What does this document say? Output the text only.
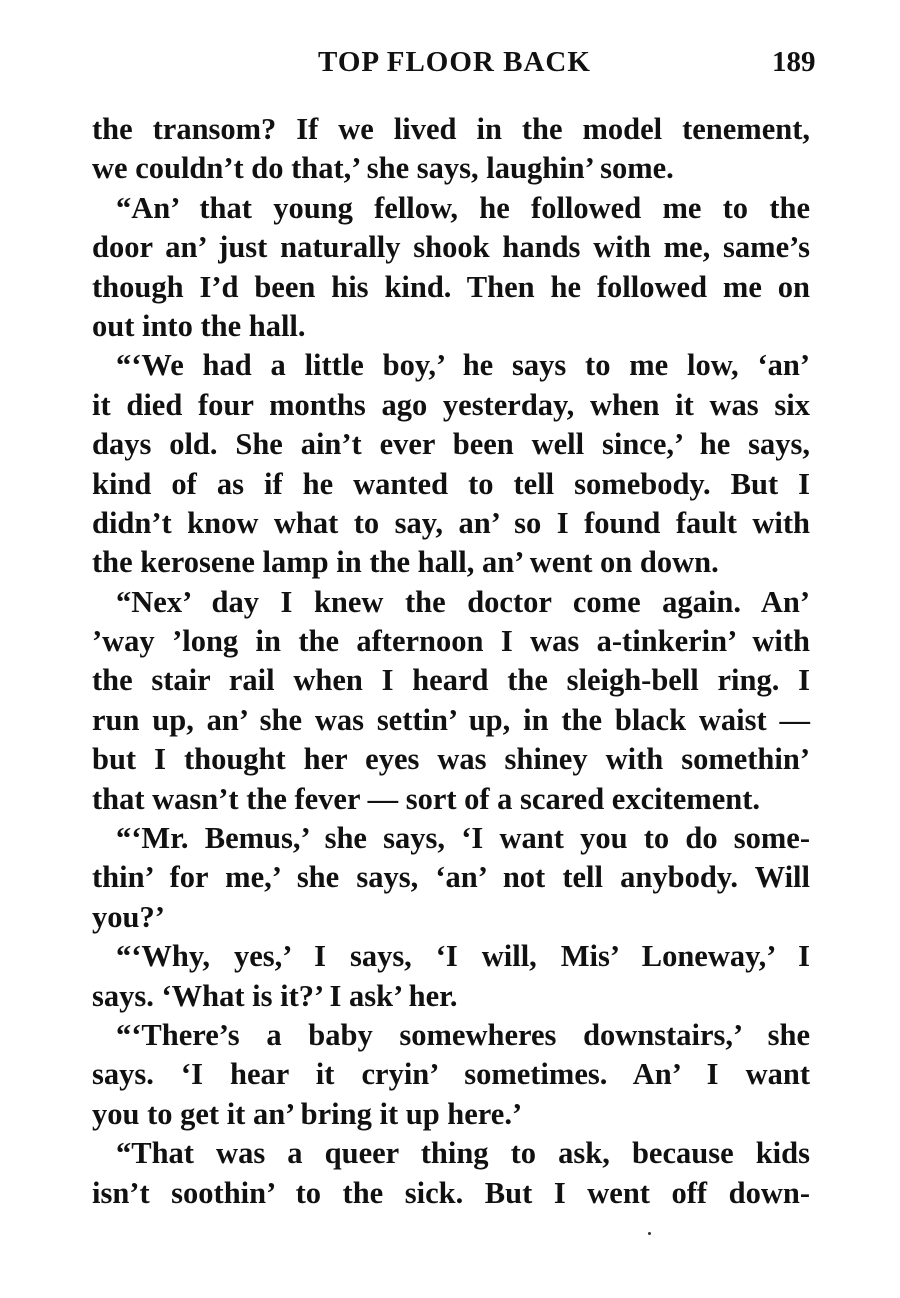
TOP FLOOR BACK	189
the transom? If we lived in the model tenement,
we couldn’t do that,’ she says, laughin’ some.
“An’ that young fellow, he followed me to the
door an’ just naturally shook hands with me, same’s
though I’d been his kind. Then he followed me on
out into the hall.
“‘We had a little boy,’ he says to me low, ‘an’
it died four months ago yesterday, when it was six
days old. She ain’t ever been well since,’ he says,
kind of as if he wanted to tell somebody. But I
didn’t know what to say, an’ so I found fault with
the kerosene lamp in the hall, an’ went on down.
“Nex’ day I knew the doctor come again. An’
’way ’long in the afternoon I was a-tinkerin’ with
the stair rail when I heard the sleigh-bell ring. I
run up, an’ she was settin’ up, in the black waist —
but I thought her eyes was shiney with somethin’
that wasn’t the fever — sort of a scared excitement.
“‘Mr. Bemus,’ she says, ‘I want you to do some-
thin’ for me,’ she says, ‘an’ not tell anybody. Will
you?’
“‘Why, yes,’ I says, ‘I will, Mis’ Loneway,’ I
says. ‘What is it?’ I ask’ her.
“‘There’s a baby somewheres downstairs,’ she
says. ‘I hear it cryin’ sometimes. An’ I want
you to get it an’ bring it up here.’
“That was a queer thing to ask, because kids
isn’t soothin’ to the sick. But I went off down-
